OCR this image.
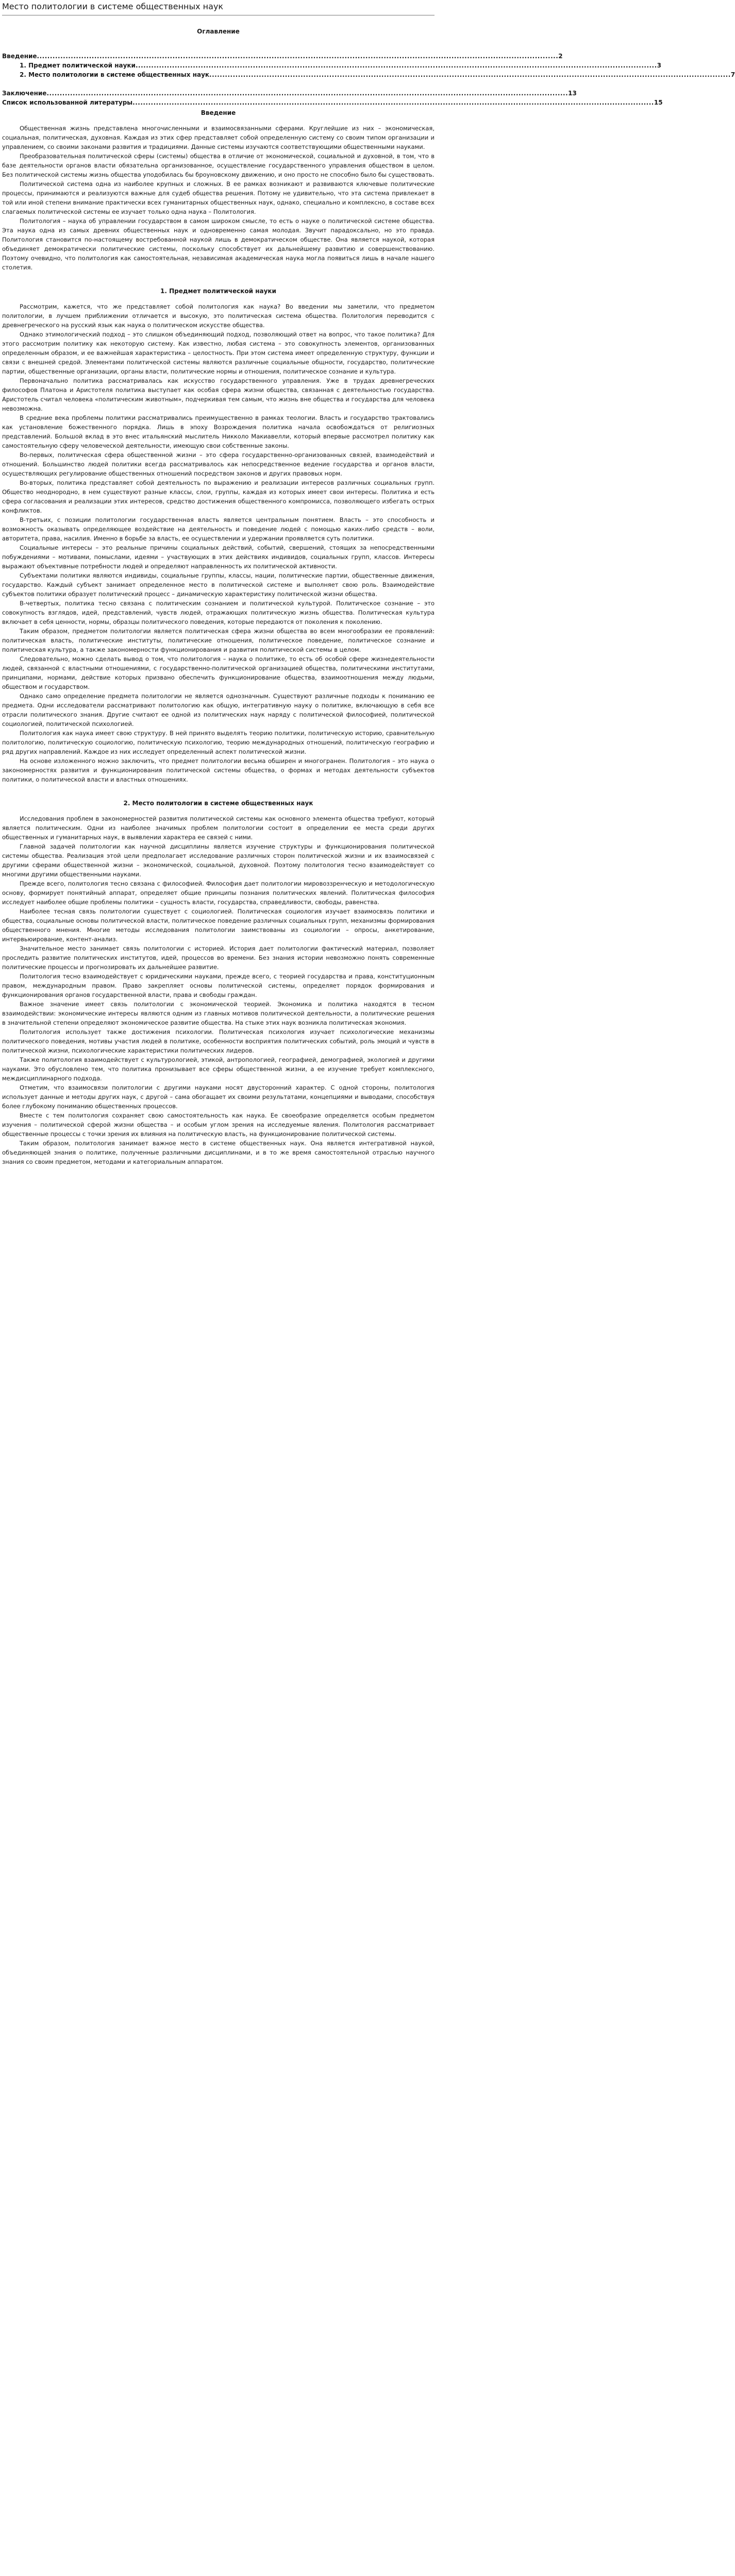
Место политологии в системе общественных наук
Оглавление
Введение ........................................................................................................................................................................................................ 2
1. Предмет политической науки ........................................................................................................................................................................................................ 3
2. Место политологии в системе общественных наук ........................................................................................................................................................................................................ 7
Заключение ........................................................................................................................................................................................................ 13
Список использованной литературы ........................................................................................................................................................................................................ 15
Введение

Общественная жизнь представлена многочисленными и взаимосвязанными сферами. Круглейшие из них – экономическая, социальная, политическая, духовная. Каждая из этих сфер представляет собой определенную систему со своим типом организации и управлением, со своими законами развития и традициями. Данные системы изучаются соответствующими общественными науками.

Преобразовательная политической сферы (системы) общества в отличие от экономической, социальной и духовной, в том, что в базе деятельности органов власти обязательна организованное, осуществление государственного управления обществом в целом. Без политической системы жизнь общества уподобилась бы броуновскому движению, и оно просто не способно было бы существовать.

Политической система одна из наиболее крупных и сложных. В ее рамках возникают и развиваются ключевые политические процессы, принимаются и реализуются важные для судеб общества решения. Потому не удивительно, что эта система привлекает в той или иной степени внимание практически всех гуманитарных общественных наук, однако, специально и комплексно, в составе всех слагаемых политической системы ее изучает только одна наука – Политология.

Политология – наука об управлении государством в самом широком смысле, то есть о науке о политической системе общества. Эта наука одна из самых древних общественных наук и одновременно самая молодая. Звучит парадоксально, но это правда. Политология становится по-настоящему востребованной наукой лишь в демократическом обществе. Она является наукой, которая объединяет демократически политические системы, поскольку способствует их дальнейшему развитию и совершенствованию. Поэтому очевидно, что политология как самостоятельная, независимая академическая наука могла появиться лишь в начале нашего столетия.

1. Предмет политической науки

Рассмотрим, кажется, что же представляет собой политология как наука? Во введении мы заметили, что предметом политологии, в лучшем приближении отличается и высокую, это политическая система общества. Политология переводится с древнегреческого на русский язык как наука о политическом искусстве общества.

Однако этимологический подход – это слишком объединяющий подход, позволяющий ответ на вопрос, что такое политика? Для этого рассмотрим политику как некоторую систему. Как известно, любая система – это совокупность элементов, организованных определенным образом, и ее важнейшая характеристика – целостность. При этом система имеет определенную структуру, функции и связи с внешней средой. Элементами политической системы являются различные социальные общности, государство, политические партии, общественные организации, органы власти, политические нормы и отношения, политическое сознание и культура.

Первоначально политика рассматривалась как искусство государственного управления. Уже в трудах древнегреческих философов Платона и Аристотеля политика выступает как особая сфера жизни общества, связанная с деятельностью государства. Аристотель считал человека «политическим животным», подчеркивая тем самым, что жизнь вне общества и государства для человека невозможна.

В средние века проблемы политики рассматривались преимущественно в рамках теологии. Власть и государство трактовались как установление божественного порядка. Лишь в эпоху Возрождения политика начала освобождаться от религиозных представлений. Большой вклад в это внес итальянский мыслитель Никколо Макиавелли, который впервые рассмотрел политику как самостоятельную сферу человеческой деятельности, имеющую свои собственные законы.

Во-первых, политическая сфера общественной жизни – это сфера государственно-организованных связей, взаимодействий и отношений. Большинство людей политики всегда рассматривалось как непосредственное ведение государства и органов власти, осуществляющих регулирование общественных отношений посредством законов и других правовых норм.

Во-вторых, политика представляет собой деятельность по выражению и реализации интересов различных социальных групп. Общество неоднородно, в нем существуют разные классы, слои, группы, каждая из которых имеет свои интересы. Политика и есть сфера согласования и реализации этих интересов, средство достижения общественного компромисса, позволяющего избегать острых конфликтов.

В-третьих, с позиции политологии государственная власть является центральным понятием. Власть – это способность и возможность оказывать определяющее воздействие на деятельность и поведение людей с помощью каких-либо средств – воли, авторитета, права, насилия. Именно в борьбе за власть, ее осуществлении и удержании проявляется суть политики.

Социальные интересы – это реальные причины социальных действий, событий, свершений, стоящих за непосредственными побуждениями – мотивами, помыслами, идеями – участвующих в этих действиях индивидов, социальных групп, классов. Интересы выражают объективные потребности людей и определяют направленность их политической активности.

Субъектами политики являются индивиды, социальные группы, классы, нации, политические партии, общественные движения, государство. Каждый субъект занимает определенное место в политической системе и выполняет свою роль. Взаимодействие субъектов политики образует политический процесс – динамическую характеристику политической жизни общества.

В-четвертых, политика тесно связана с политическим сознанием и политической культурой. Политическое сознание – это совокупность взглядов, идей, представлений, чувств людей, отражающих политическую жизнь общества. Политическая культура включает в себя ценности, нормы, образцы политического поведения, которые передаются от поколения к поколению.

Таким образом, предметом политологии является политическая сфера жизни общества во всем многообразии ее проявлений: политическая власть, политические институты, политические отношения, политическое поведение, политическое сознание и политическая культура, а также закономерности функционирования и развития политической системы в целом.

Следовательно, можно сделать вывод о том, что политология – наука о политике, то есть об особой сфере жизнедеятельности людей, связанной с властными отношениями, с государственно-политической организацией общества, политическими институтами, принципами, нормами, действие которых призвано обеспечить функционирование общества, взаимоотношения между людьми, обществом и государством.

Однако само определение предмета политологии не является однозначным. Существуют различные подходы к пониманию ее предмета. Одни исследователи рассматривают политологию как общую, интегративную науку о политике, включающую в себя все отрасли политического знания. Другие считают ее одной из политических наук наряду с политической философией, политической социологией, политической психологией.

Политология как наука имеет свою структуру. В ней принято выделять теорию политики, политическую историю, сравнительную политологию, политическую социологию, политическую психологию, теорию международных отношений, политическую географию и ряд других направлений. Каждое из них исследует определенный аспект политической жизни.

На основе изложенного можно заключить, что предмет политологии весьма обширен и многогранен. Политология – это наука о закономерностях развития и функционирования политической системы общества, о формах и методах деятельности субъектов политики, о политической власти и властных отношениях.

2. Место политологии в системе общественных наук

Исследования проблем в закономерностей развития политической системы как основного элемента общества требуют, который является политическим. Одни из наиболее значимых проблем политологии состоит в определении ее места среди других общественных и гуманитарных наук, в выявлении характера ее связей с ними.

Главной задачей политологии как научной дисциплины является изучение структуры и функционирования политической системы общества. Реализация этой цели предполагает исследование различных сторон политической жизни и их взаимосвязей с другими сферами общественной жизни – экономической, социальной, духовной. Поэтому политология тесно взаимодействует со многими другими общественными науками.

Прежде всего, политология тесно связана с философией. Философия дает политологии мировоззренческую и методологическую основу, формирует понятийный аппарат, определяет общие принципы познания политических явлений. Политическая философия исследует наиболее общие проблемы политики – сущность власти, государства, справедливости, свободы, равенства.

Наиболее тесная связь политологии существует с социологией. Политическая социология изучает взаимосвязь политики и общества, социальные основы политической власти, политическое поведение различных социальных групп, механизмы формирования общественного мнения. Многие методы исследования политологии заимствованы из социологии – опросы, анкетирование, интервьюирование, контент-анализ.

Значительное место занимает связь политологии с историей. История дает политологии фактический материал, позволяет проследить развитие политических институтов, идей, процессов во времени. Без знания истории невозможно понять современные политические процессы и прогнозировать их дальнейшее развитие.

Политология тесно взаимодействует с юридическими науками, прежде всего, с теорией государства и права, конституционным правом, международным правом. Право закрепляет основы политической системы, определяет порядок формирования и функционирования органов государственной власти, права и свободы граждан.

Важное значение имеет связь политологии с экономической теорией. Экономика и политика находятся в тесном взаимодействии: экономические интересы являются одним из главных мотивов политической деятельности, а политические решения в значительной степени определяют экономическое развитие общества. На стыке этих наук возникла политическая экономия.

Политология использует также достижения психологии. Политическая психология изучает психологические механизмы политического поведения, мотивы участия людей в политике, особенности восприятия политических событий, роль эмоций и чувств в политической жизни, психологические характеристики политических лидеров.

Также политология взаимодействует с культурологией, этикой, антропологией, географией, демографией, экологией и другими науками. Это обусловлено тем, что политика пронизывает все сферы общественной жизни, а ее изучение требует комплексного, междисциплинарного подхода.

Отметим, что взаимосвязи политологии с другими науками носят двусторонний характер. С одной стороны, политология использует данные и методы других наук, с другой – сама обогащает их своими результатами, концепциями и выводами, способствуя более глубокому пониманию общественных процессов.

Вместе с тем политология сохраняет свою самостоятельность как наука. Ее своеобразие определяется особым предметом изучения – политической сферой жизни общества – и особым углом зрения на исследуемые явления. Политология рассматривает общественные процессы с точки зрения их влияния на политическую власть, на функционирование политической системы.

Таким образом, политология занимает важное место в системе общественных наук. Она является интегративной наукой, объединяющей знания о политике, полученные различными дисциплинами, и в то же время самостоятельной отраслью научного знания со своим предметом, методами и категориальным аппаратом.
